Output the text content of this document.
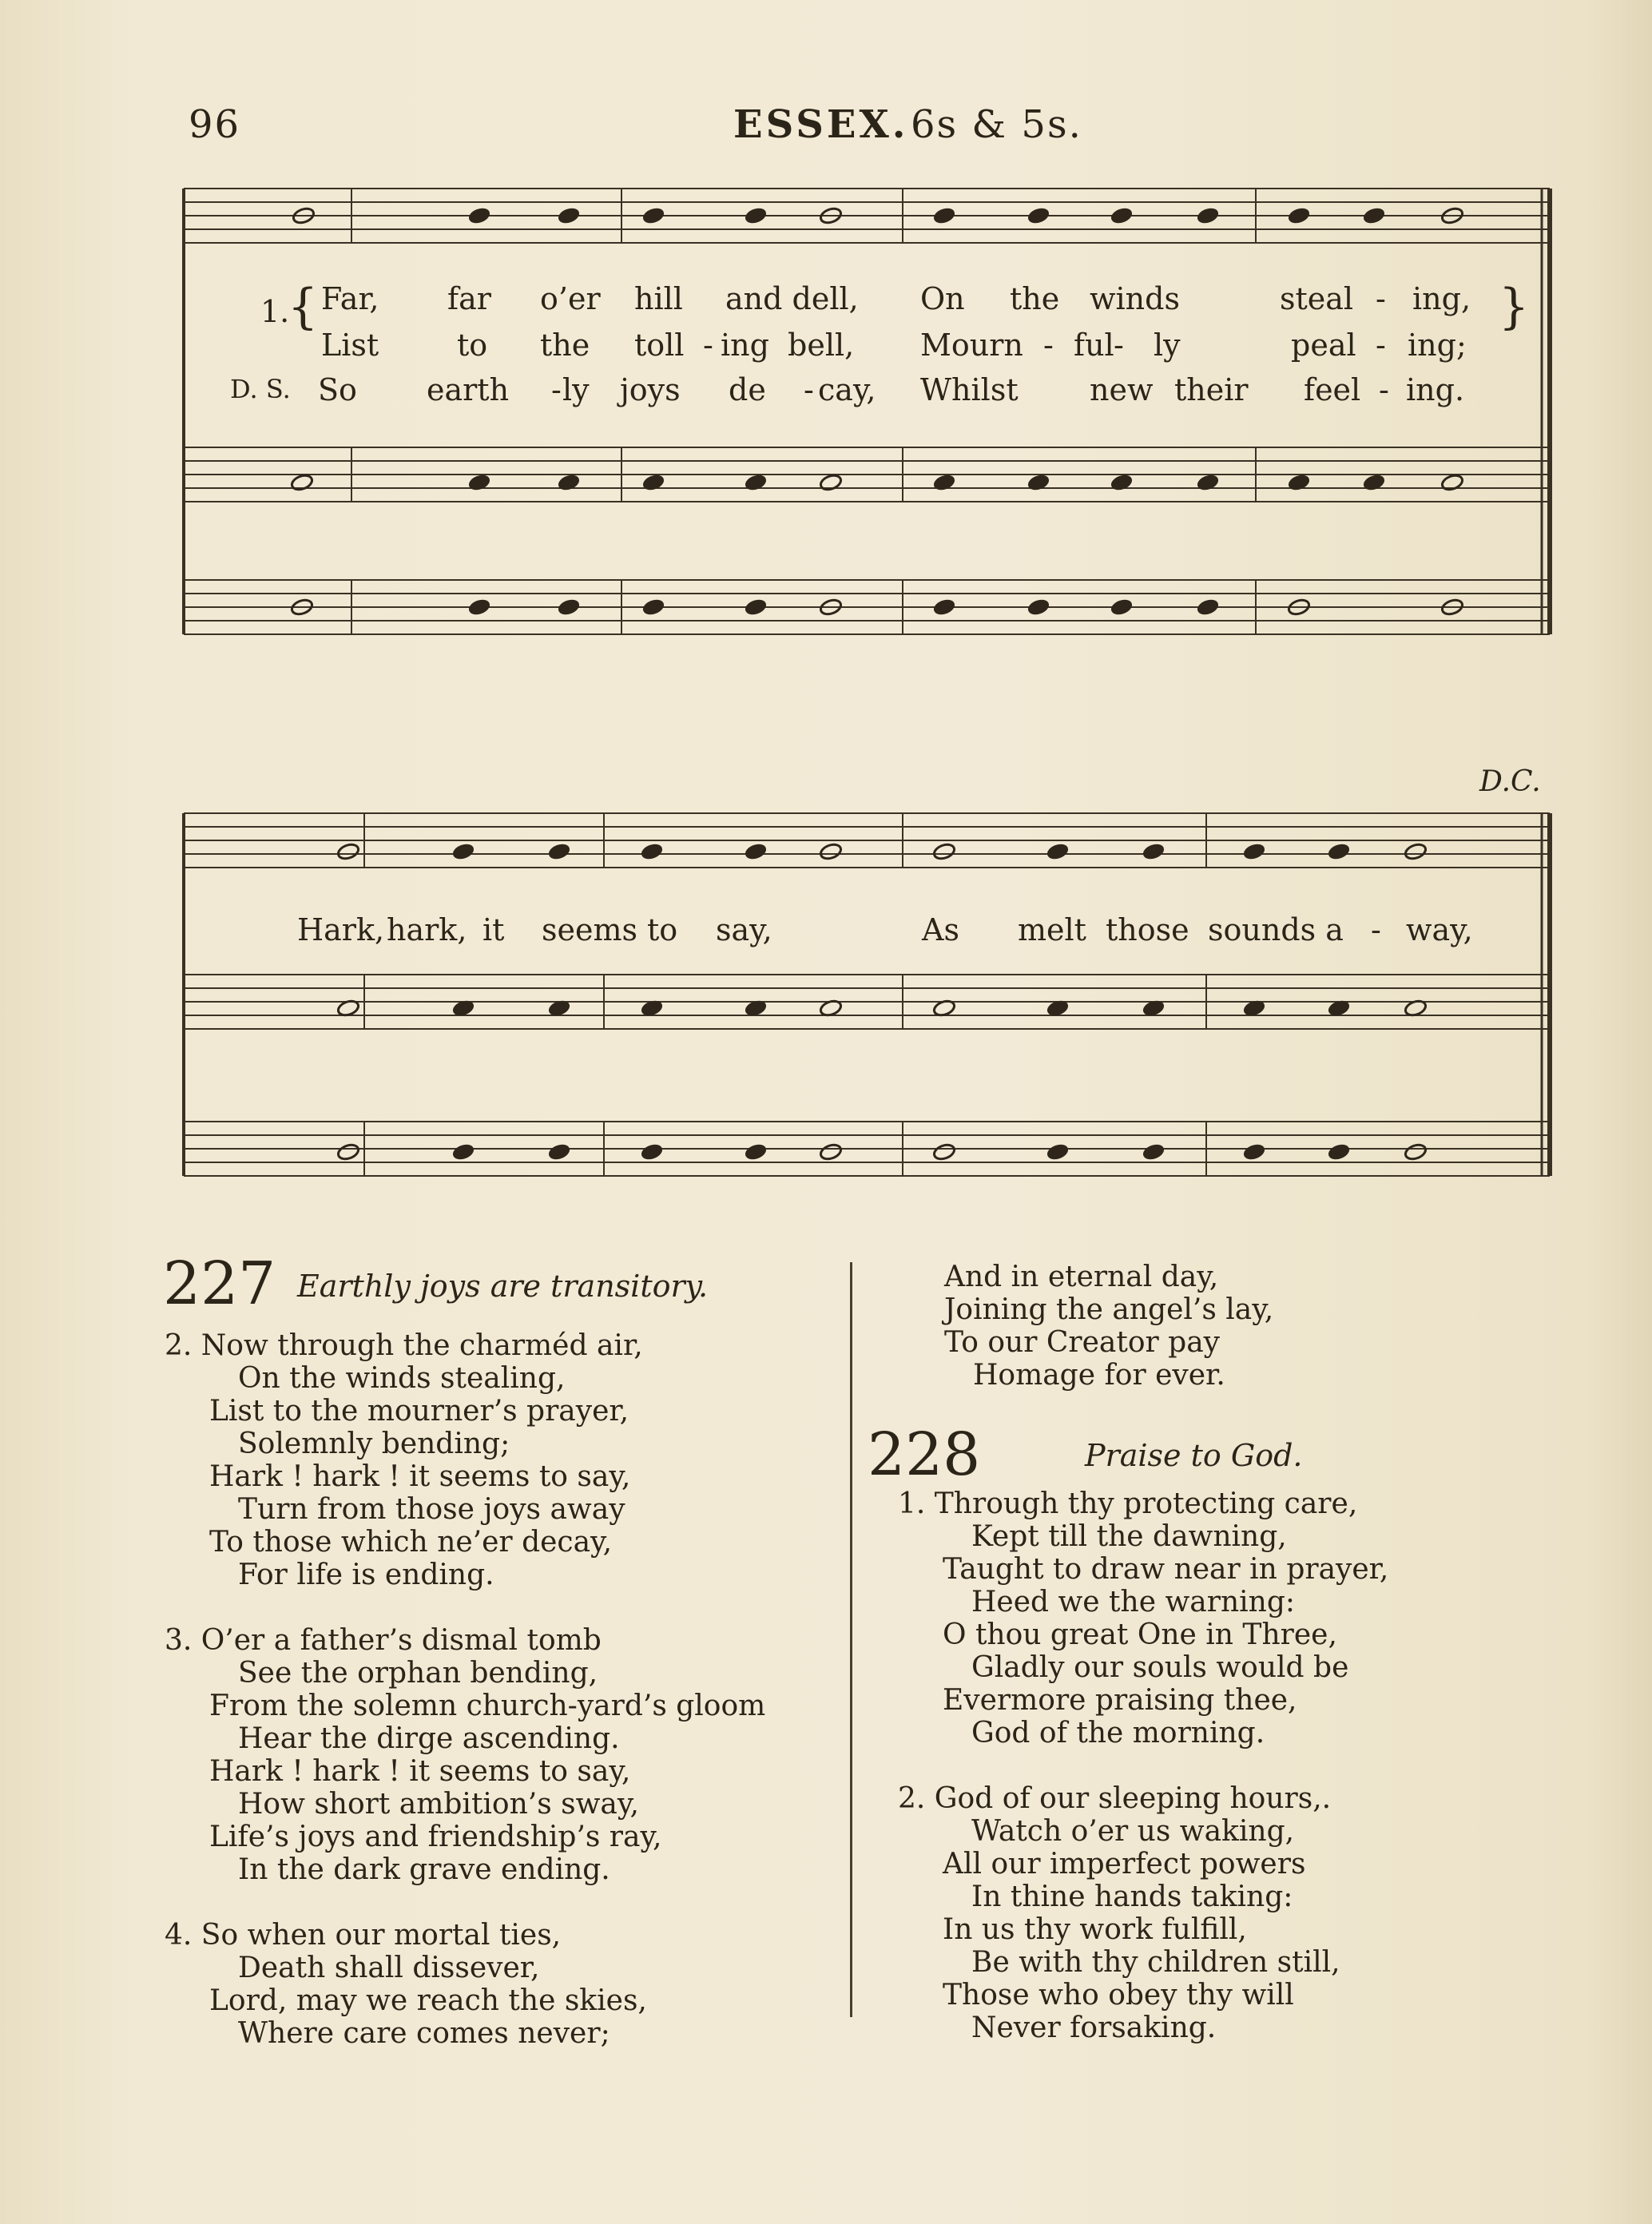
96	ESSEX. 6s & 5s.
1.
{	}
Far, far o’er hill and dell, On the winds	steal - ing,
List	to the toll - ing bell, Mourn - ful - ly	peal - ing;
D. S. So earth - ly joys de - cay, Whilst new their feel - ing.
D.C.
Hark, hark, it seems to say,	As melt those sounds a - way,
227 Earthly joys are transitory.
2. Now through the charméd air,
On the winds stealing,
List to the mourner’s prayer,
Solemnly bending;
Hark ! hark ! it seems to say,
Turn from those joys away
To those which ne’er decay,
For life is ending.
3. O’er a father’s dismal tomb
See the orphan bending,
From the solemn church-yard’s gloom
Hear the dirge ascending.
Hark ! hark ! it seems to say,
How short ambition’s sway,
Life’s joys and friendship’s ray,
In the dark grave ending.
4. So when our mortal ties,
Death shall dissever,
Lord, may we reach the skies,
Where care comes never;
And in eternal day,
Joining the angel’s lay,
To our Creator pay
Homage for ever.
228	Praise to God.
1. Through thy protecting care,
Kept till the dawning,
Taught to draw near in prayer,
Heed we the warning:
O thou great One in Three,
Gladly our souls would be
Evermore praising thee,
God of the morning.
2. God of our sleeping hours,.
Watch o’er us waking,
All our imperfect powers
In thine hands taking:
In us thy work fulfill,
Be with thy children still,
Those who obey thy will
Never forsaking.
